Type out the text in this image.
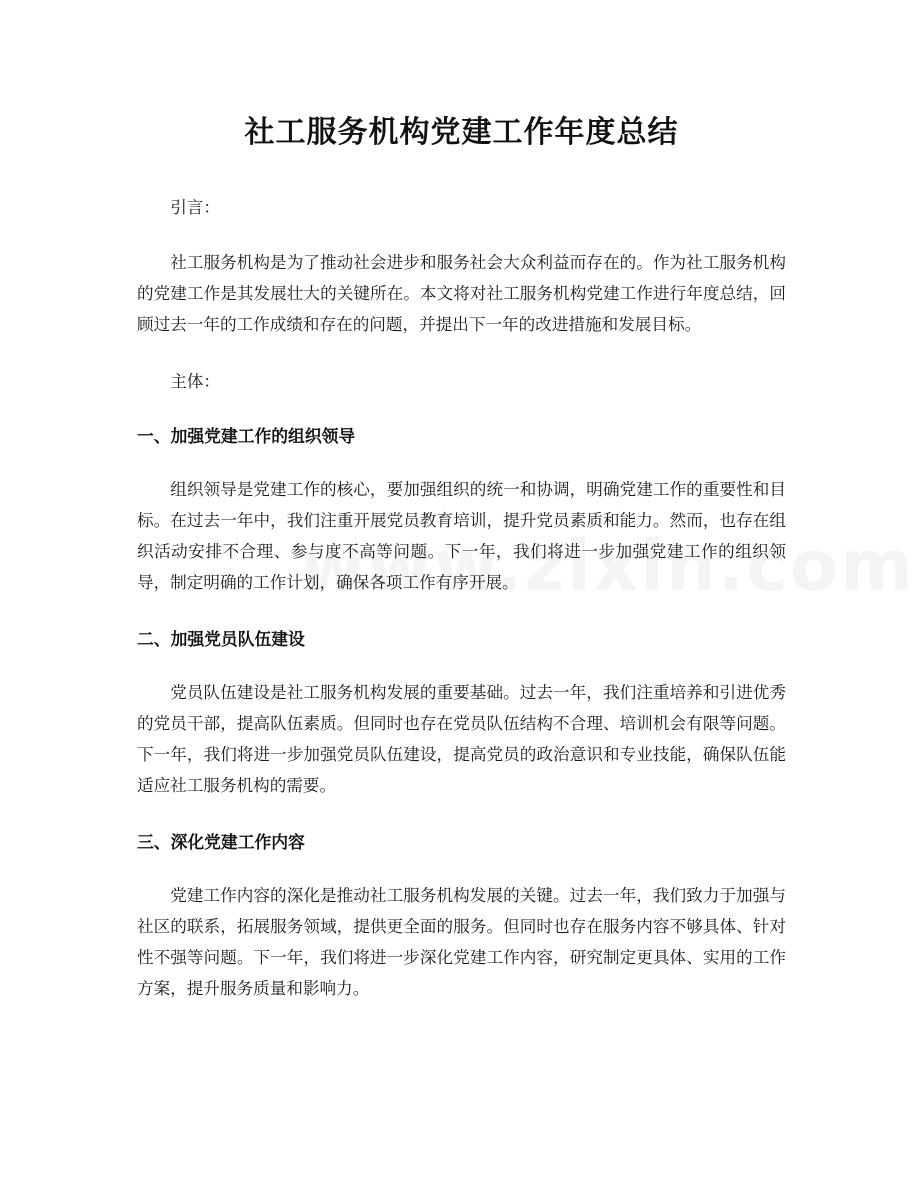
社工服务机构党建工作年度总结

引言：

社工服务机构是为了推动社会进步和服务社会大众利益而存在的。作为社工服务机构的党建工作是其发展壮大的关键所在。本文将对社工服务机构党建工作进行年度总结，回顾过去一年的工作成绩和存在的问题，并提出下一年的改进措施和发展目标。

主体：

一、加强党建工作的组织领导

组织领导是党建工作的核心，要加强组织的统一和协调，明确党建工作的重要性和目标。在过去一年中，我们注重开展党员教育培训，提升党员素质和能力。然而，也存在组织活动安排不合理、参与度不高等问题。下一年，我们将进一步加强党建工作的组织领导，制定明确的工作计划，确保各项工作有序开展。

二、加强党员队伍建设

党员队伍建设是社工服务机构发展的重要基础。过去一年，我们注重培养和引进优秀的党员干部，提高队伍素质。但同时也存在党员队伍结构不合理、培训机会有限等问题。下一年，我们将进一步加强党员队伍建设，提高党员的政治意识和专业技能，确保队伍能适应社工服务机构的需要。

三、深化党建工作内容

党建工作内容的深化是推动社工服务机构发展的关键。过去一年，我们致力于加强与社区的联系，拓展服务领域，提供更全面的服务。但同时也存在服务内容不够具体、针对性不强等问题。下一年，我们将进一步深化党建工作内容，研究制定更具体、实用的工作方案，提升服务质量和影响力。
